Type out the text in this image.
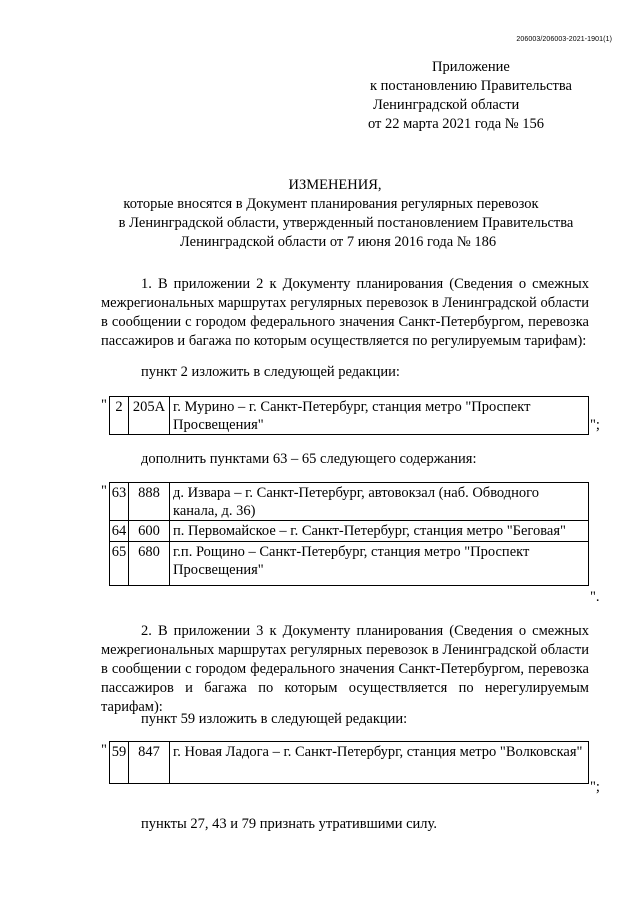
206003/206003-2021-1901(1)
Приложение
к постановлению Правительства
Ленинградской области
от 22 марта 2021 года № 156
ИЗМЕНЕНИЯ,
которые вносятся в Документ планирования регулярных перевозок
в Ленинградской области, утвержденный постановлением Правительства
Ленинградской области от 7 июня 2016 года № 186
1. В приложении 2 к Документу планирования (Сведения о смежных межрегиональных маршрутах регулярных перевозок в Ленинградской области в сообщении с городом федерального значения Санкт-Петербургом, перевозка пассажиров и багажа по которым осуществляется по регулируемым тарифам):
пункт 2 изложить в следующей редакции:
" 2	205А	г. Мурино – г. Санкт-Петербург, станция метро "Проспект Просвещения"	";
дополнить пунктами 63 – 65 следующего содержания:
" 63	888	д. Извара – г. Санкт-Петербург, автовокзал (наб. Обводного канала, д. 36)
64	600	п. Первомайское – г. Санкт-Петербург, станция метро "Беговая"
65	680	г.п. Рощино – Санкт-Петербург, станция метро "Проспект Просвещения"
".
2. В приложении 3 к Документу планирования (Сведения о смежных межрегиональных маршрутах регулярных перевозок в Ленинградской области в сообщении с городом федерального значения Санкт-Петербургом, перевозка пассажиров и багажа по которым осуществляется по нерегулируемым тарифам):
пункт 59 изложить в следующей редакции:
" 59	847	г. Новая Ладога – г. Санкт-Петербург, станция метро "Волковская"
";
пункты 27, 43 и 79 признать утратившими силу.
